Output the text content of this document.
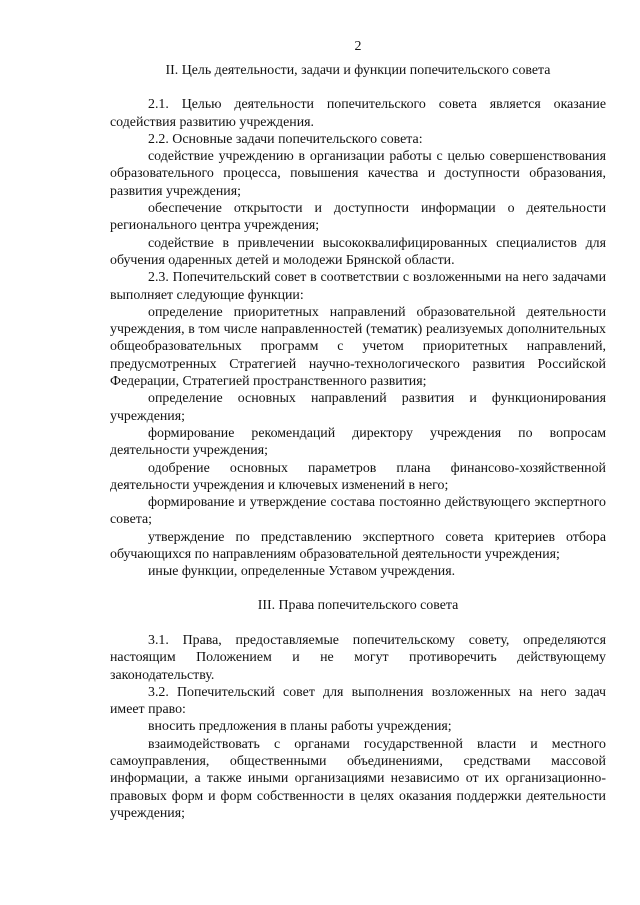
2
II. Цель деятельности, задачи и функции попечительского совета

2.1. Целью деятельности попечительского совета является оказание содействия развитию учреждения.

2.2. Основные задачи попечительского совета:

содействие учреждению в организации работы с целью совершенствования образовательного процесса, повышения качества и доступности образования, развития учреждения;

обеспечение открытости и доступности информации о деятельности регионального центра учреждения;

содействие в привлечении высококвалифицированных специалистов для обучения одаренных детей и молодежи Брянской области.

2.3. Попечительский совет в соответствии с возложенными на него задачами выполняет следующие функции:

определение приоритетных направлений образовательной деятельности учреждения, в том числе направленностей (тематик) реализуемых дополнительных общеобразовательных программ с учетом приоритетных направлений, предусмотренных Стратегией научно-технологического развития Российской Федерации, Стратегией пространственного развития;

определение основных направлений развития и функционирования учреждения;

формирование рекомендаций директору учреждения по вопросам деятельности учреждения;

одобрение основных параметров плана финансово-хозяйственной деятельности учреждения и ключевых изменений в него;

формирование и утверждение состава постоянно действующего экспертного совета;

утверждение по представлению экспертного совета критериев отбора обучающихся по направлениям образовательной деятельности учреждения;

иные функции, определенные Уставом учреждения.

III. Права попечительского совета

3.1. Права, предоставляемые попечительскому совету, определяются настоящим Положением и не могут противоречить действующему законодательству.

3.2. Попечительский совет для выполнения возложенных на него задач имеет право:

вносить предложения в планы работы учреждения;

взаимодействовать с органами государственной власти и местного самоуправления, общественными объединениями, средствами массовой информации, а также иными организациями независимо от их организационно-правовых форм и форм собственности в целях оказания поддержки деятельности учреждения;
